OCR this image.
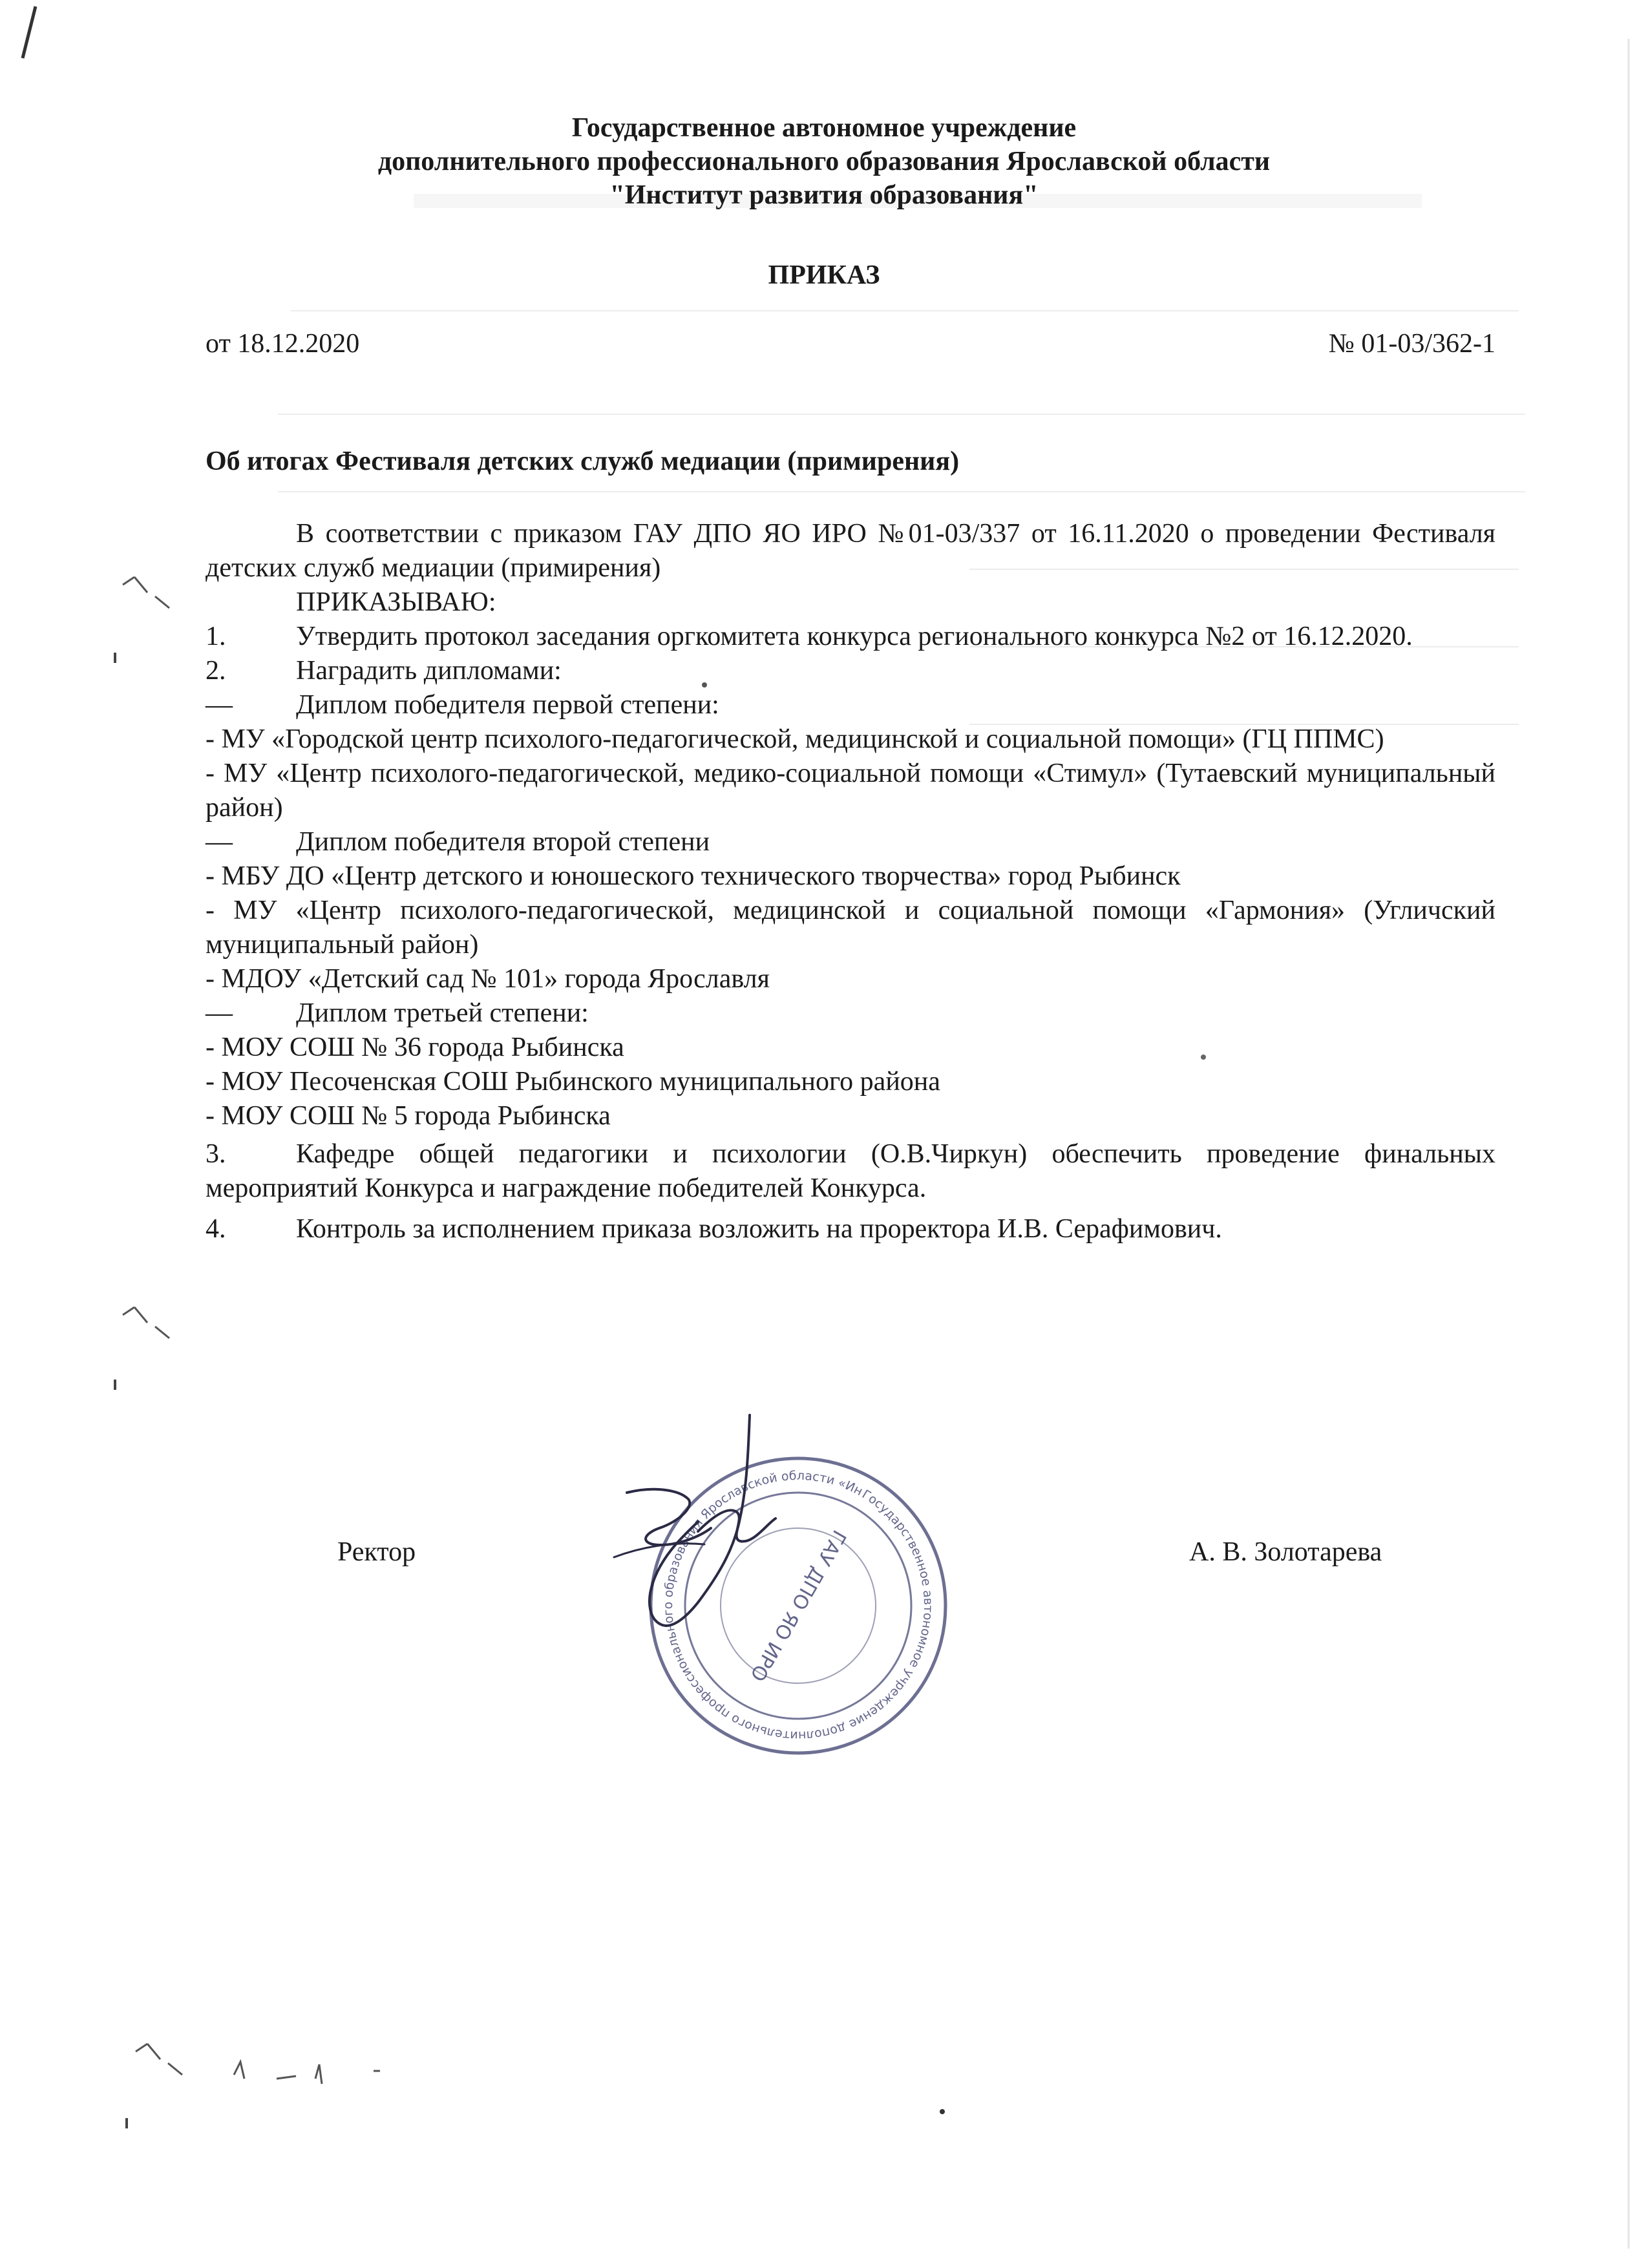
Государственное автономное учреждение
дополнительного профессионального образования Ярославской области
"Институт развития образования"
ПРИКАЗ
от 18.12.2020	№ 01-03/362-1
Об итогах Фестиваля детских служб медиации (примирения)

В соответствии с приказом ГАУ ДПО ЯО ИРО №01-03/337 от 16.11.2020 о проведении Фестиваля детских служб медиации (примирения)

ПРИКАЗЫВАЮ:

1.	Утвердить протокол заседания оргкомитета конкурса регионального конкурса №2 от 16.12.2020.

2.	Наградить дипломами:

— Диплом победителя первой степени:

- МУ «Городской центр психолого-педагогической, медицинской и социальной помощи» (ГЦ ППМС)

- МУ «Центр психолого-педагогической, медико-социальной помощи «Стимул» (Тутаевский муниципальный район)

— Диплом победителя второй степени

- МБУ ДО «Центр детского и юношеского технического творчества» город Рыбинск

- МУ «Центр психолого-педагогической, медицинской и социальной помощи «Гармония» (Угличский муниципальный район)

- МДОУ «Детский сад № 101» города Ярославля

— Диплом третьей степени:

- МОУ СОШ № 36 города Рыбинска

- МОУ Песоченская СОШ Рыбинского муниципального района

- МОУ СОШ № 5 города Рыбинска

3.	Кафедре общей педагогики и психологии (О.В.Чиркун) обеспечить проведение финальных мероприятий Конкурса и награждение победителей Конкурса.

4.	Контроль за исполнением приказа возложить на проректора И.В. Серафимович.

Ректор	А. В. Золотарева
Государственное автономное учреждение дополнительного профессионального образования Ярославской области «Институт
ГАУ ДПО ЯО ИРО
